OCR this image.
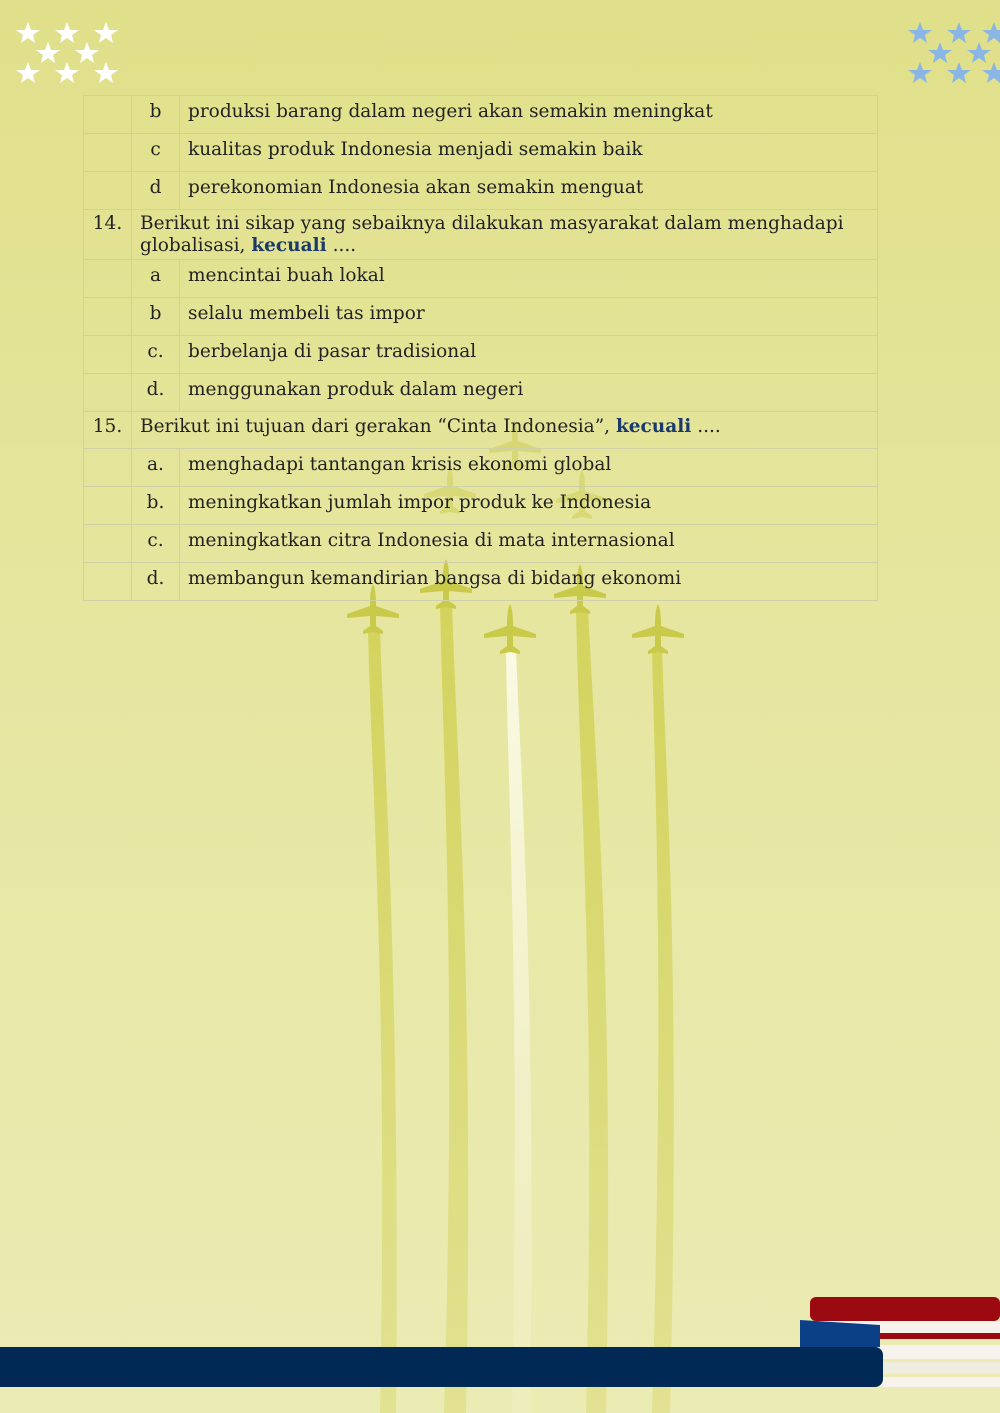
	b	produksi barang dalam negeri akan semakin meningkat
	c	kualitas produk Indonesia menjadi semakin baik
	d	perekonomian Indonesia akan semakin menguat
14.	Berikut ini sikap yang sebaiknya dilakukan masyarakat dalam menghadapi globalisasi, kecuali ....	
	a	mencintai buah lokal
	b	selalu membeli tas impor
	c.	berbelanja di pasar tradisional
	d.	menggunakan produk dalam negeri
15.	Berikut ini tujuan dari gerakan “Cinta Indonesia”, kecuali ....	
	a.	menghadapi tantangan krisis ekonomi global
	b.	meningkatkan jumlah impor produk ke Indonesia
	c.	meningkatkan citra Indonesia di mata internasional
	d.	membangun kemandirian bangsa di bidang ekonomi
